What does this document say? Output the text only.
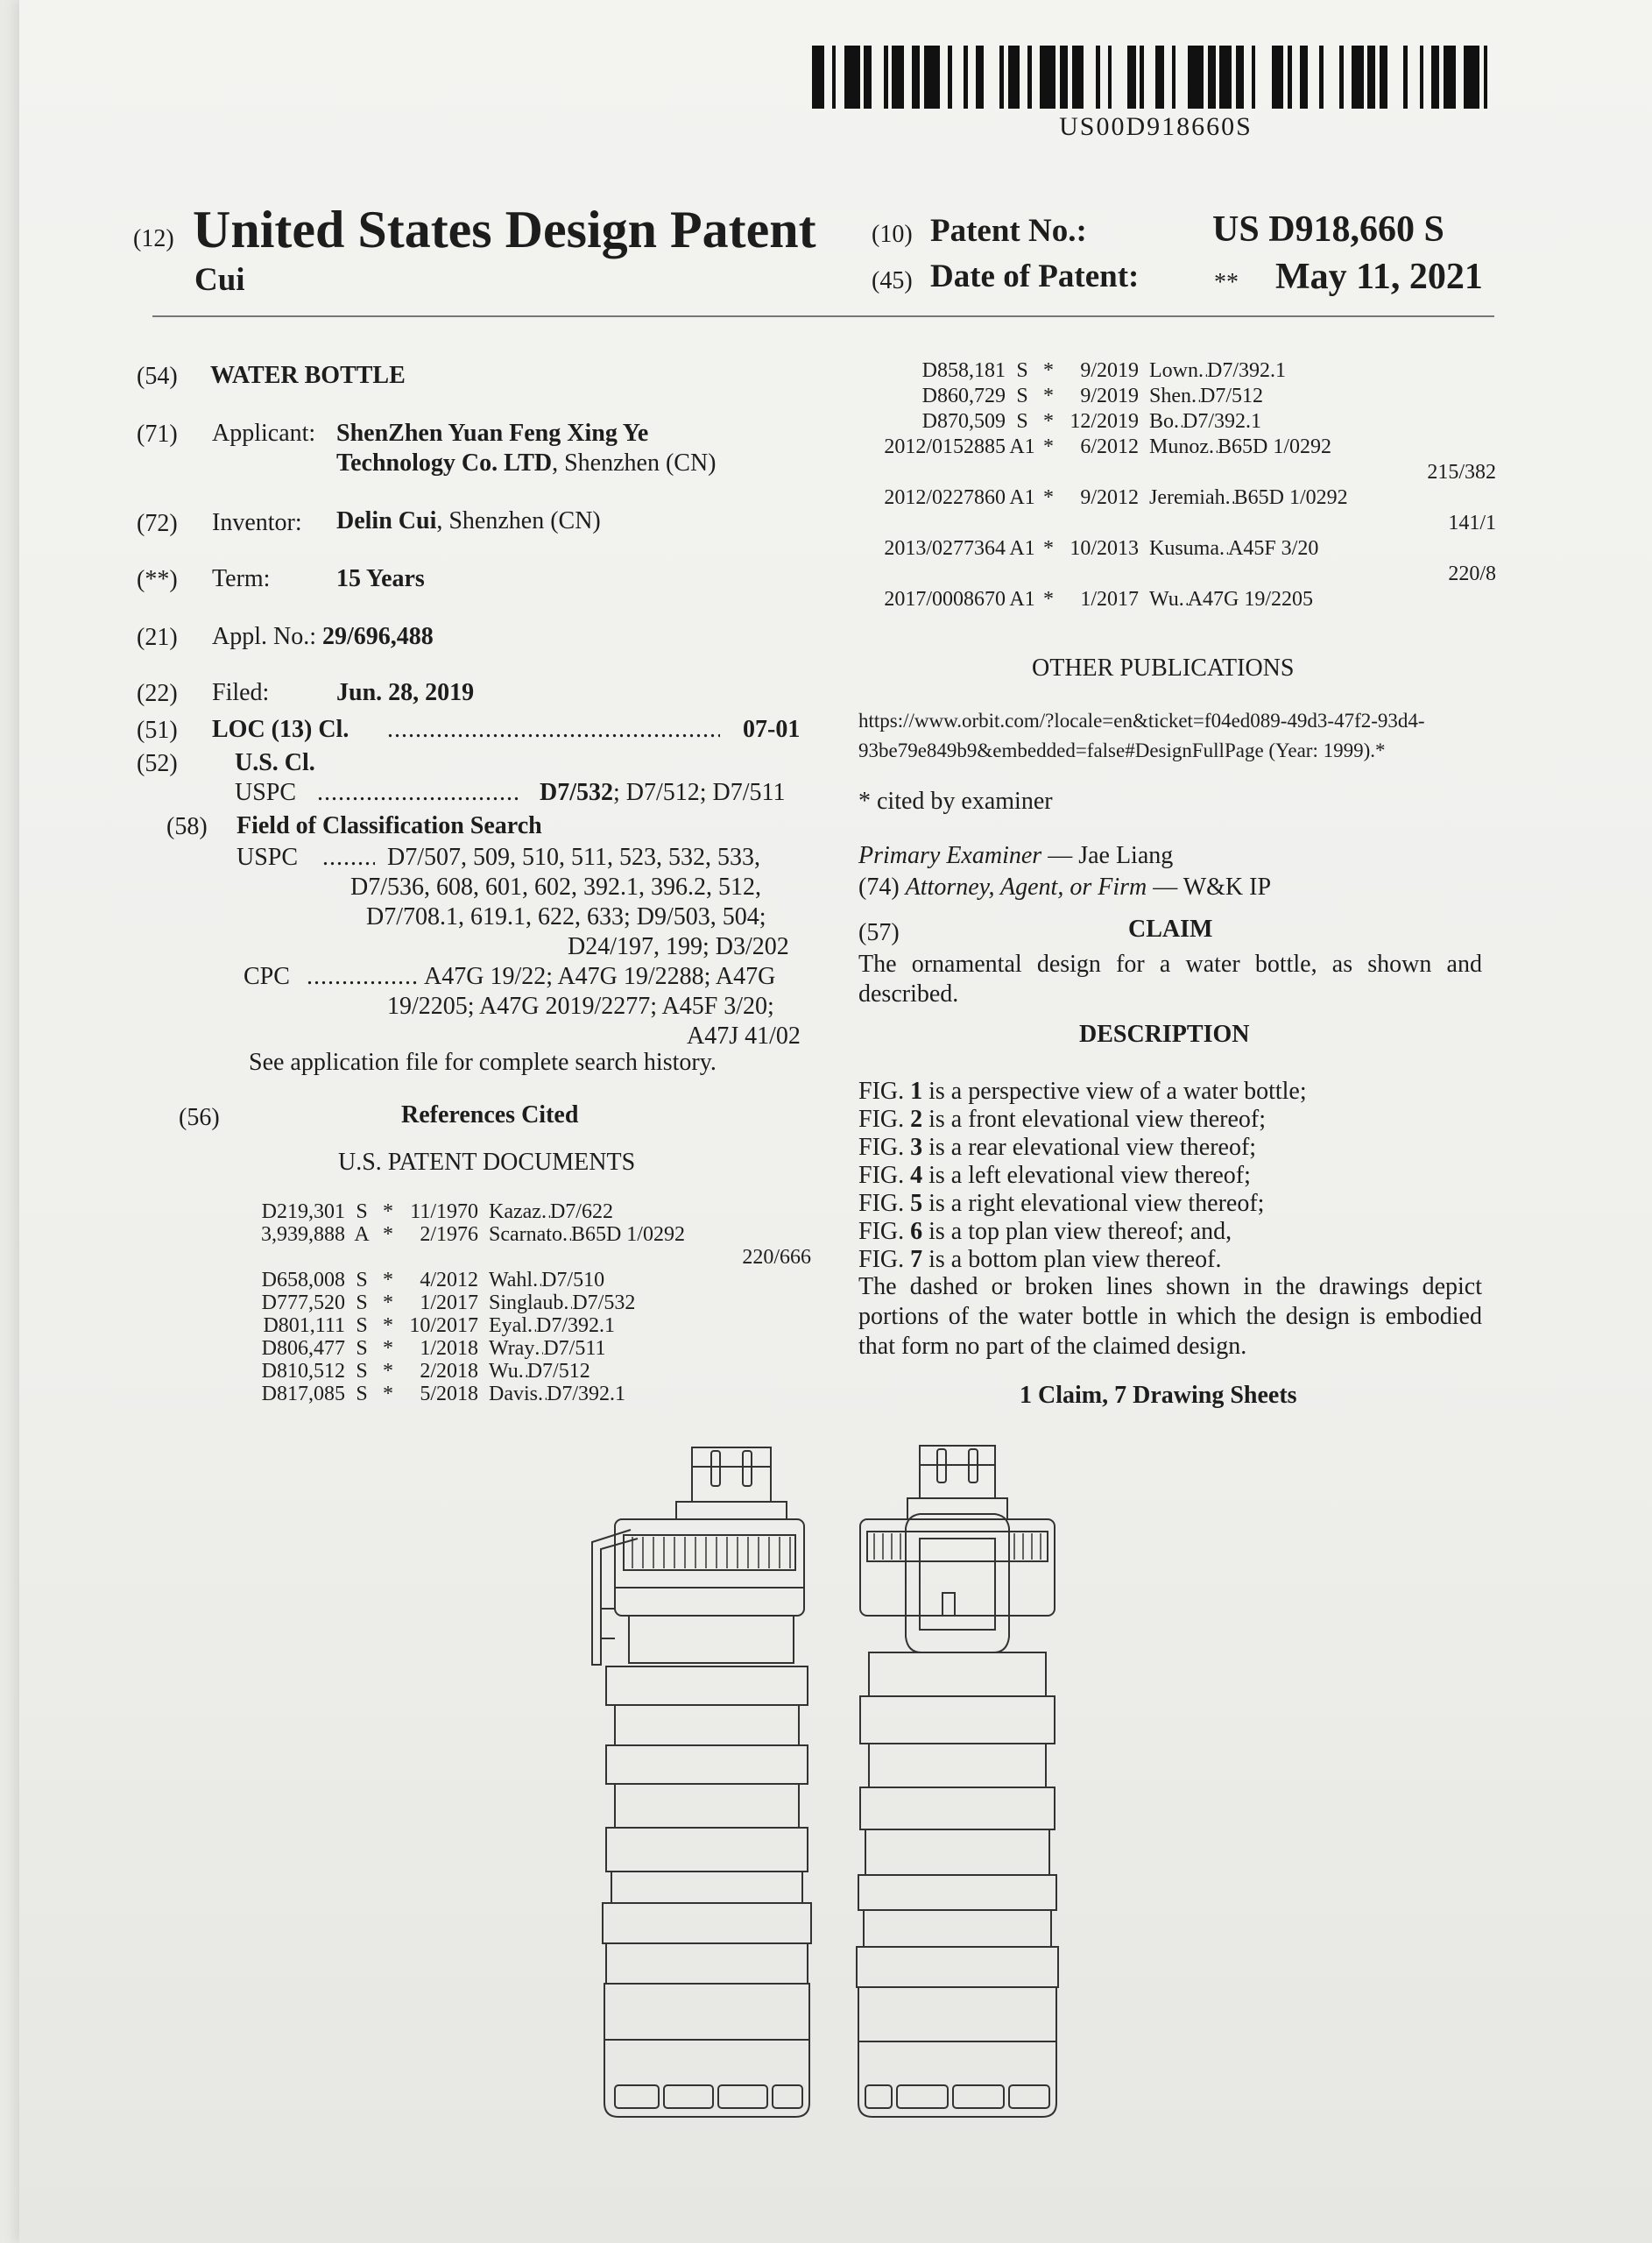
US00D918660S
(12) United States Design Patent
Cui
(10) Patent No.:	US D918,660 S
(45) Date of Patent:	** May 11, 2021
(54) WATER BOTTLE
(71) Applicant: ShenZhen Yuan Feng Xing Ye
Technology Co. LTD, Shenzhen (CN)
(72) Inventor: Delin Cui, Shenzhen (CN)
(**) Term:	15 Years
(21) Appl. No.: 29/696,488
(22) Filed:	Jun. 28, 2019
(51) LOC (13) Cl. .....	07-01
(52) U.S. Cl.
USPC .....	D7/532; D7/512; D7/511
(58) Field of Classification Search
USPC .....	D7/507, 509, 510, 511, 523, 532, 533,
D7/536, 608, 601, 602, 392.1, 396.2, 512,
D7/708.1, 619.1, 622, 633; D9/503, 504;
D24/197, 199; D3/202
CPC .....	A47G 19/22; A47G 19/2288; A47G
19/2205; A47G 2019/2277; A45F 3/20;
A47J 41/02
See application file for complete search history.
(56)	References Cited
U.S. PATENT DOCUMENTS
D219,301 S * 11/1970 Kazaz ..... D7/622
3,939,888 A * 2/1976 Scarnato ..... B65D 1/0292
220/666
D658,008 S * 4/2012 Wahl ..... D7/510
D777,520 S * 1/2017 Singlaub ..... D7/532
D801,111 S * 10/2017 Eyal ..... D7/392.1
D806,477 S * 1/2018 Wray ..... D7/511
D810,512 S * 2/2018 Wu ..... D7/512
D817,085 S * 5/2018 Davis ..... D7/392.1
D858,181 S * 9/2019 Lown ..... D7/392.1
D860,729 S * 9/2019 Shen ..... D7/512
D870,509 S * 12/2019 Bo ..... D7/392.1
2012/0152885 A1 * 6/2012 Munoz ..... B65D 1/0292
215/382
2012/0227860 A1 * 9/2012 Jeremiah ..... B65D 1/0292
141/1
2013/0277364 A1 * 10/2013 Kusuma ..... A45F 3/20
220/8
2017/0008670 A1 * 1/2017 Wu ..... A47G 19/2205
OTHER PUBLICATIONS
https://www.orbit.com/?locale=en&ticket=f04ed089-49d3-47f2-93d4-
93be79e849b9&embedded=false#DesignFullPage (Year: 1999).*
* cited by examiner
Primary Examiner — Jae Liang
(74) Attorney, Agent, or Firm — W&K IP
(57)	CLAIM
The ornamental design for a water bottle, as shown and
described.
DESCRIPTION
FIG. 1 is a perspective view of a water bottle;
FIG. 2 is a front elevational view thereof;
FIG. 3 is a rear elevational view thereof;
FIG. 4 is a left elevational view thereof;
FIG. 5 is a right elevational view thereof;
FIG. 6 is a top plan view thereof; and,
FIG. 7 is a bottom plan view thereof.
The dashed or broken lines shown in the drawings depict
portions of the water bottle in which the design is embodied
that form no part of the claimed design.
1 Claim, 7 Drawing Sheets
